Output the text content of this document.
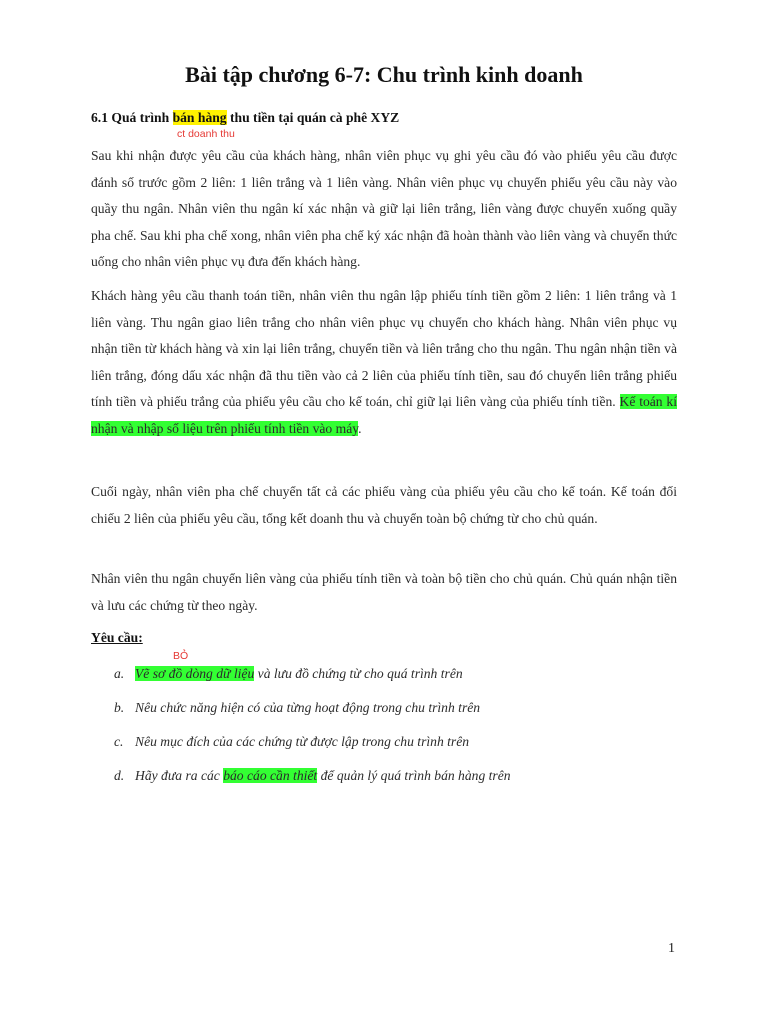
Bài tập chương 6-7: Chu trình kinh doanh
6.1 Quá trình bán hàng thu tiền tại quán cà phê XYZ
ct doanh thu
Sau khi nhận được yêu cầu của khách hàng, nhân viên phục vụ ghi yêu cầu đó vào phiếu yêu cầu được đánh số trước gồm 2 liên: 1 liên trắng và 1 liên vàng. Nhân viên phục vụ chuyển phiếu yêu cầu này vào quầy thu ngân. Nhân viên thu ngân kí xác nhận và giữ lại liên trắng, liên vàng được chuyển xuống quầy pha chế. Sau khi pha chế xong, nhân viên pha chế ký xác nhận đã hoàn thành vào liên vàng và chuyển thức uống cho nhân viên phục vụ đưa đến khách hàng.
Khách hàng yêu cầu thanh toán tiền, nhân viên thu ngân lập phiếu tính tiền gồm 2 liên: 1 liên trắng và 1 liên vàng. Thu ngân giao liên trắng cho nhân viên phục vụ chuyển cho khách hàng. Nhân viên phục vụ nhận tiền từ khách hàng và xin lại liên trắng, chuyển tiền và liên trắng cho thu ngân. Thu ngân nhận tiền và liên trắng, đóng dấu xác nhận đã thu tiền vào cả 2 liên của phiếu tính tiền, sau đó chuyển liên trắng phiếu tính tiền và phiếu trắng của phiếu yêu cầu cho kế toán, chỉ giữ lại liên vàng của phiếu tính tiền. Kế toán kí nhận và nhập số liệu trên phiếu tính tiền vào máy.
Cuối ngày, nhân viên pha chế chuyển tất cả các phiếu vàng của phiếu yêu cầu cho kế toán. Kế toán đối chiếu 2 liên của phiếu yêu cầu, tổng kết doanh thu và chuyển toàn bộ chứng từ cho chủ quán.
Nhân viên thu ngân chuyển liên vàng của phiếu tính tiền và toàn bộ tiền cho chủ quán. Chủ quán nhận tiền và lưu các chứng từ theo ngày.
Yêu cầu:
BỎ
a. Vẽ sơ đồ dòng dữ liệu và lưu đồ chứng từ cho quá trình trên
b. Nêu chức năng hiện có của từng hoạt động trong chu trình trên
c. Nêu mục đích của các chứng từ được lập trong chu trình trên
d. Hãy đưa ra các báo cáo cần thiết để quản lý quá trình bán hàng trên
1
